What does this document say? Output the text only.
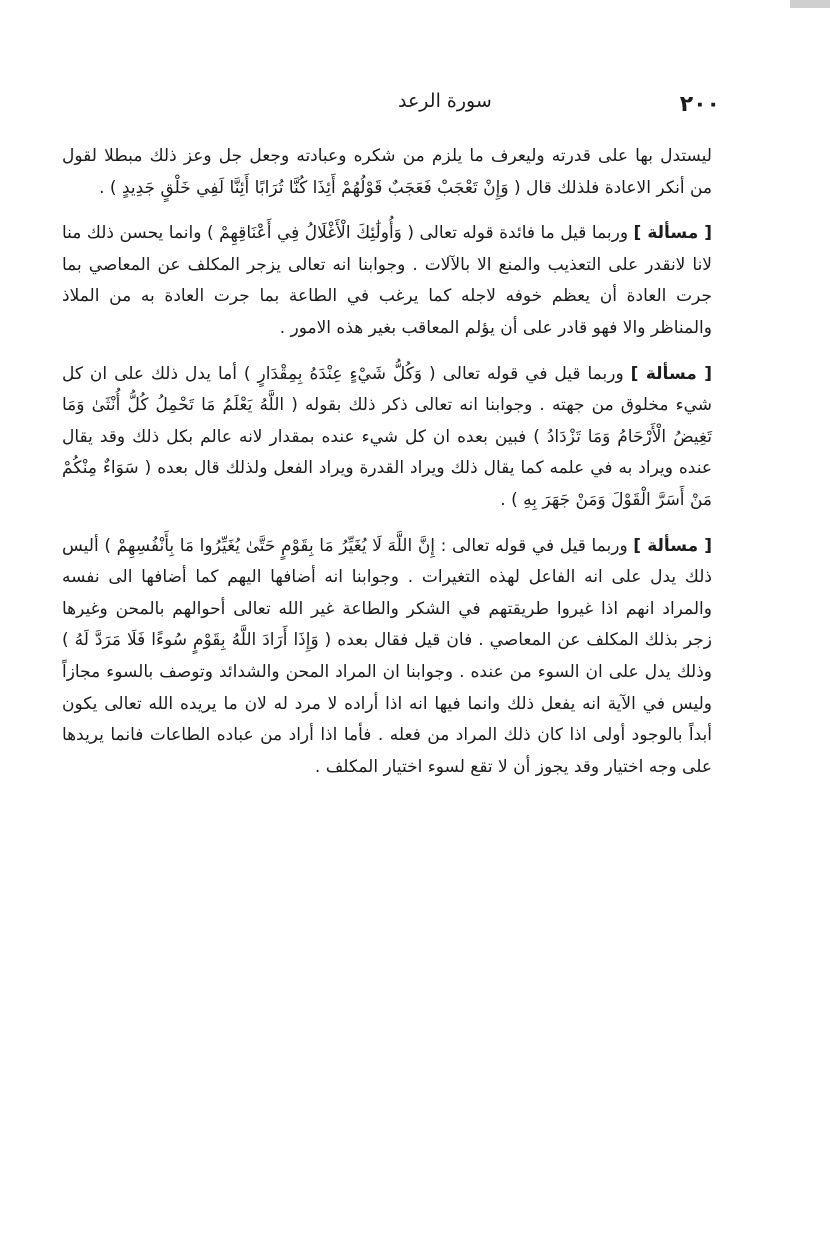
سورة الرعد	٢٠٠

ليستدل بها على قدرته وليعرف ما يلزم من شكره وعبادته وجعل جل وعز ذلك مبطلا لقول من أنكر الاعادة فلذلك قال ( وَإِنْ تَعْجَبْ فَعَجَبٌ قَوْلُهُمْ أَئِذَا كُنَّا تُرَابًا أَئِنَّا لَفِي خَلْقٍ جَدِيدٍ ) .

[ مسألة ] وربما قيل ما فائدة قوله تعالى ( وَأُولَٰئِكَ الْأَغْلَالُ فِي أَعْنَاقِهِمْ ) وانما يحسن ذلك منا لانا لانقدر على التعذيب والمنع الا بالآلات . وجوابنا انه تعالى يزجر المكلف عن المعاصي بما جرت العادة أن يعظم خوفه لاجله كما يرغب في الطاعة بما جرت العادة به من الملاذ والمناظر والا فهو قادر على أن يؤلم المعاقب بغير هذه الامور .

[ مسألة ] وربما قيل في قوله تعالى ( وَكُلُّ شَيْءٍ عِنْدَهُ بِمِقْدَارٍ ) أما يدل ذلك على ان كل شيء مخلوق من جهته . وجوابنا انه تعالى ذكر ذلك بقوله ( اللَّهُ يَعْلَمُ مَا تَحْمِلُ كُلُّ أُنْثَىٰ وَمَا تَغِيضُ الْأَرْحَامُ وَمَا تَزْدَادُ ) فبين بعده ان كل شيء عنده بمقدار لانه عالم بكل ذلك وقد يقال عنده ويراد به في علمه كما يقال ذلك ويراد القدرة ويراد الفعل ولذلك قال بعده ( سَوَاءٌ مِنْكُمْ مَنْ أَسَرَّ الْقَوْلَ وَمَنْ جَهَرَ بِهِ ) .

[ مسألة ] وربما قيل في قوله تعالى : إِنَّ اللَّهَ لَا يُغَيِّرُ مَا بِقَوْمٍ حَتَّىٰ يُغَيِّرُوا مَا بِأَنْفُسِهِمْ ) أليس ذلك يدل على انه الفاعل لهذه التغيرات . وجوابنا انه أضافها اليهم كما أضافها الى نفسه والمراد انهم اذا غيروا طريقتهم في الشكر والطاعة غير الله تعالى أحوالهم بالمحن وغيرها زجر بذلك المكلف عن المعاصي . فان قيل فقال بعده ( وَإِذَا أَرَادَ اللَّهُ بِقَوْمٍ سُوءًا فَلَا مَرَدَّ لَهُ ) وذلك يدل على ان السوء من عنده . وجوابنا ان المراد المحن والشدائد وتوصف بالسوء مجازاً وليس في الآية انه يفعل ذلك وانما فيها انه اذا أراده لا مرد له لان ما يريده الله تعالى يكون أبداً بالوجود أولى اذا كان ذلك المراد من فعله . فأما اذا أراد من عباده الطاعات فانما يريدها على وجه اختيار وقد يجوز أن لا تقع لسوء اختيار المكلف .
